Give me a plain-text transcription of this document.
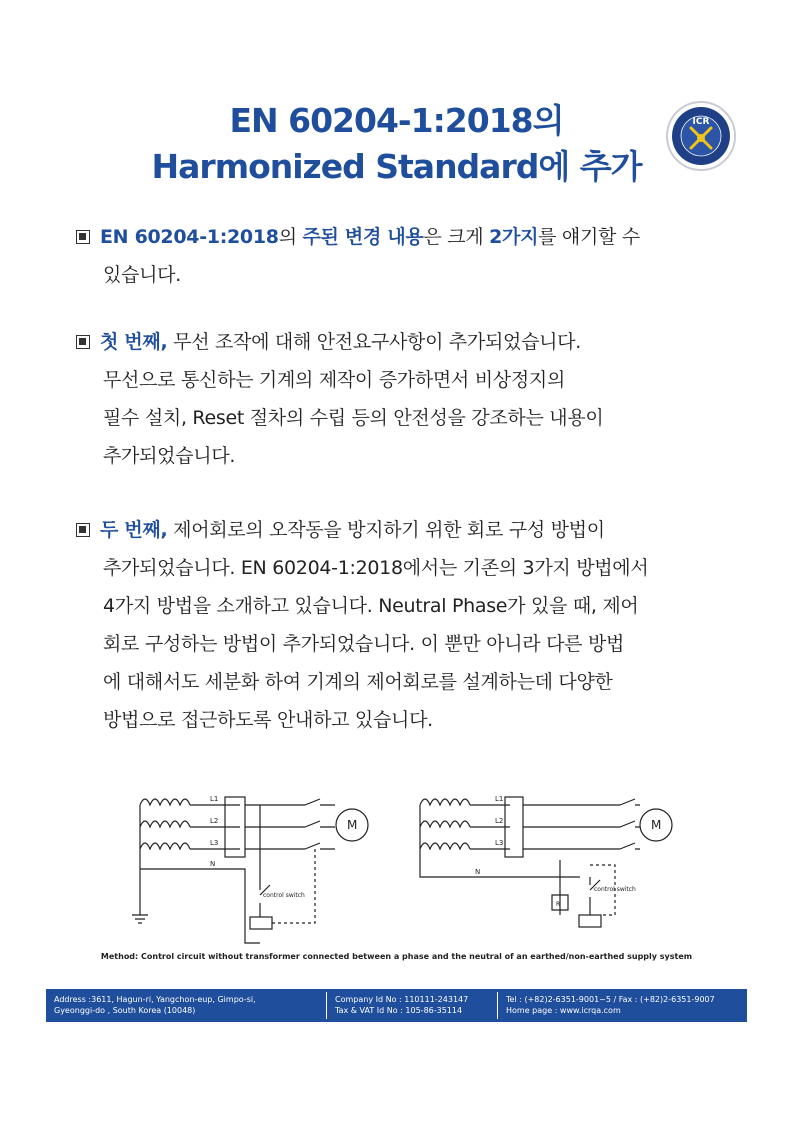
EN 60204-1:2018의
Harmonized Standard에 추가
ICR
EN 60204-1:2018의 주된 변경 내용은 크게 2가지를 얘기할 수
있습니다.
첫 번째, 무선 조작에 대해 안전요구사항이 추가되었습니다.
무선으로 통신하는 기계의 제작이 증가하면서 비상정지의
필수 설치, Reset 절차의 수립 등의 안전성을 강조하는 내용이
추가되었습니다.
두 번째, 제어회로의 오작동을 방지하기 위한 회로 구성 방법이
추가되었습니다. EN 60204-1:2018에서는 기존의 3가지 방법에서
4가지 방법을 소개하고 있습니다. Neutral Phase가 있을 때, 제어
회로 구성하는 방법이 추가되었습니다. 이 뿐만 아니라 다른 방법
에 대해서도 세분화 하여 기계의 제어회로를 설계하는데 다양한
방법으로 접근하도록 안내하고 있습니다.
L1
L2
L3
N
M
control switch
L1
L2
L3
N
M
control switch
R
Method: Control circuit without transformer connected between a phase and the neutral of an earthed/non-earthed supply system
Address :3611, Hagun-ri, Yangchon-eup, Gimpo-si,
Gyeonggi-do , South Korea (10048)
Company Id No : 110111-243147
Tax & VAT Id No : 105-86-35114
Tel : (+82)2-6351-9001~5 / Fax : (+82)2-6351-9007
Home page : www.icrqa.com
